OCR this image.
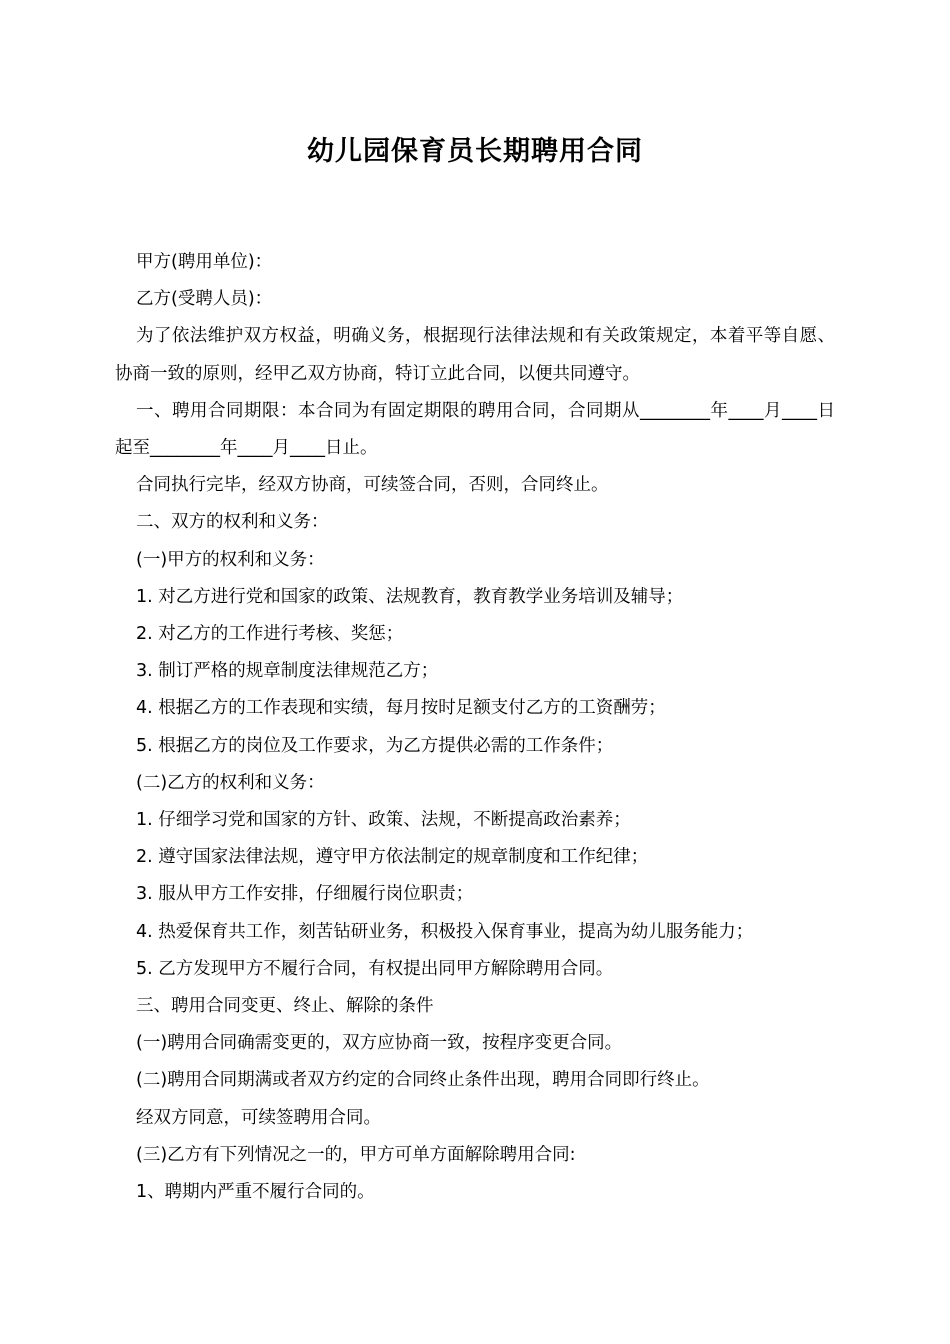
幼儿园保育员长期聘用合同

甲方(聘用单位)：

乙方(受聘人员)：

为了依法维护双方权益，明确义务，根据现行法律法规和有关政策规定，本着平等自愿、协商一致的原则，经甲乙双方协商，特订立此合同，以便共同遵守。

一、聘用合同期限：本合同为有固定期限的聘用合同，合同期从________年____月____日起至________年____月____日止。

合同执行完毕，经双方协商，可续签合同，否则，合同终止。

二、双方的权利和义务：

(一)甲方的权利和义务：

1. 对乙方进行党和国家的政策、法规教育，教育教学业务培训及辅导；

2. 对乙方的工作进行考核、奖惩；

3. 制订严格的规章制度法律规范乙方；

4. 根据乙方的工作表现和实绩，每月按时足额支付乙方的工资酬劳；

5. 根据乙方的岗位及工作要求，为乙方提供必需的工作条件；

(二)乙方的权利和义务：

1. 仔细学习党和国家的方针、政策、法规，不断提高政治素养；

2. 遵守国家法律法规，遵守甲方依法制定的规章制度和工作纪律；

3. 服从甲方工作安排，仔细履行岗位职责；

4. 热爱保育共工作，刻苦钻研业务，积极投入保育事业，提高为幼儿服务能力；

5. 乙方发现甲方不履行合同，有权提出同甲方解除聘用合同。

三、聘用合同变更、终止、解除的条件

(一)聘用合同确需变更的，双方应协商一致，按程序变更合同。

(二)聘用合同期满或者双方约定的合同终止条件出现，聘用合同即行终止。

经双方同意，可续签聘用合同。

(三)乙方有下列情况之一的，甲方可单方面解除聘用合同:

1、聘期内严重不履行合同的。
